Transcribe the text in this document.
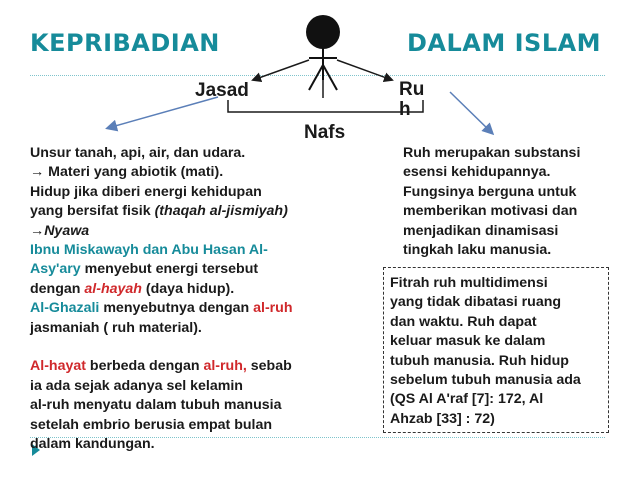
KEPRIBADIAN	DALAM ISLAM
Jasad	Ru
h
Nafs
Unsur tanah, api, air, dan udara.
→ Materi yang abiotik (mati).
Hidup jika diberi energi kehidupan
yang bersifat fisik (thaqah al-jismiyah)
→Nyawa
Ibnu Miskawayh dan Abu Hasan Al-
Asy'ary menyebut energi tersebut
dengan al-hayah (daya hidup).
Al-Ghazali menyebutnya dengan al-ruh
jasmaniah ( ruh material).

Al-hayat berbeda dengan al-ruh, sebab
ia ada sejak adanya sel kelamin
al-ruh menyatu dalam tubuh manusia
setelah embrio berusia empat bulan
dalam kandungan.
Ruh merupakan substansi
esensi kehidupannya.
Fungsinya berguna untuk
memberikan motivasi dan
menjadikan dinamisasi
tingkah laku manusia.
Fitrah ruh multidimensi
yang tidak dibatasi ruang
dan waktu. Ruh dapat
keluar masuk ke dalam
tubuh manusia. Ruh hidup
sebelum tubuh manusia ada
(QS Al A'raf [7]: 172, Al
Ahzab [33] : 72)
